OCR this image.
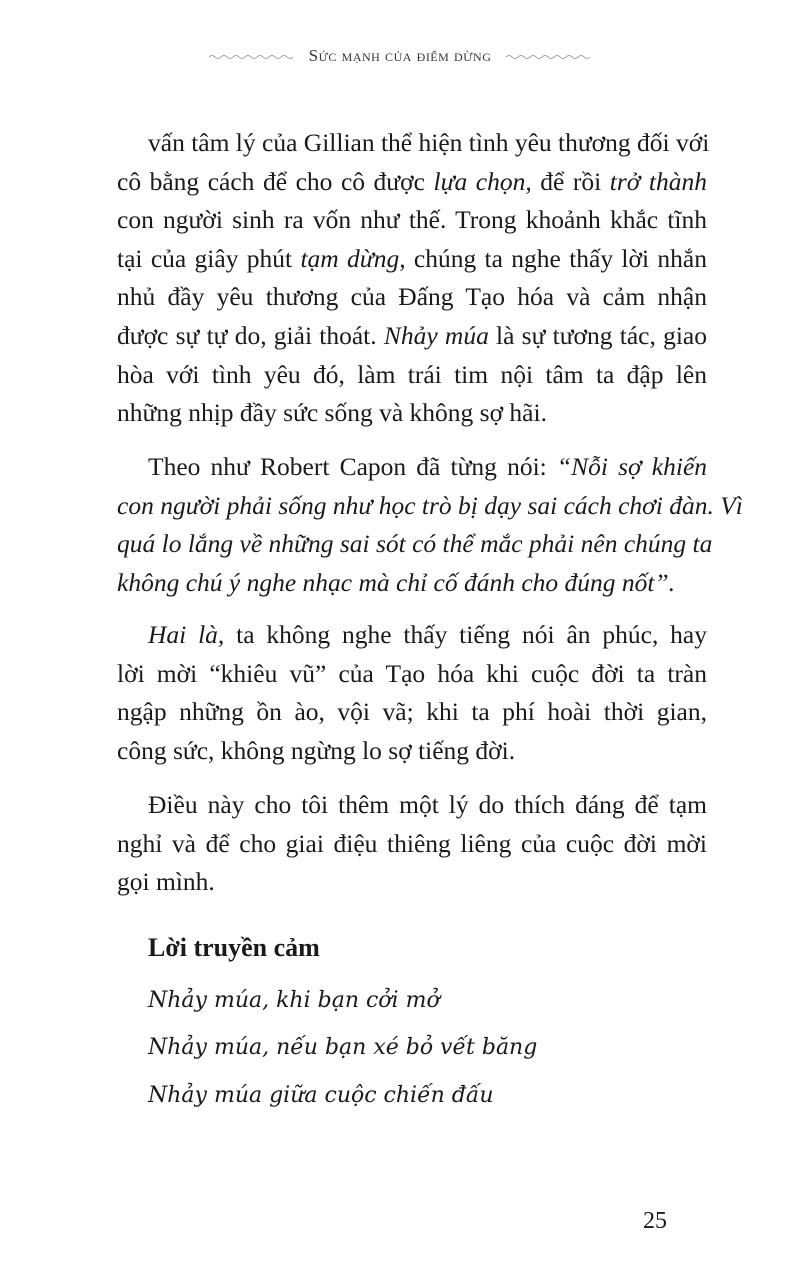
Sức mạnh của điểm dừng
vấn tâm lý của Gillian thể hiện tình yêu thương đối với
cô bằng cách để cho cô được lựa chọn, để rồi trở thành
con người sinh ra vốn như thế. Trong khoảnh khắc tĩnh
tại của giây phút tạm dừng, chúng ta nghe thấy lời nhắn
nhủ đầy yêu thương của Đấng Tạo hóa và cảm nhận
được sự tự do, giải thoát. Nhảy múa là sự tương tác, giao
hòa với tình yêu đó, làm trái tim nội tâm ta đập lên
những nhịp đầy sức sống và không sợ hãi.
Theo như Robert Capon đã từng nói: “Nỗi sợ khiến
con người phải sống như học trò bị dạy sai cách chơi đàn. Vì
quá lo lắng về những sai sót có thể mắc phải nên chúng ta
không chú ý nghe nhạc mà chỉ cố đánh cho đúng nốt”.
Hai là, ta không nghe thấy tiếng nói ân phúc, hay
lời mời “khiêu vũ” của Tạo hóa khi cuộc đời ta tràn
ngập những ồn ào, vội vã; khi ta phí hoài thời gian,
công sức, không ngừng lo sợ tiếng đời.
Điều này cho tôi thêm một lý do thích đáng để tạm
nghỉ và để cho giai điệu thiêng liêng của cuộc đời mời
gọi mình.
Lời truyền cảm
Nhảy múa, khi bạn cởi mở
Nhảy múa, nếu bạn xé bỏ vết băng
Nhảy múa giữa cuộc chiến đấu
25
